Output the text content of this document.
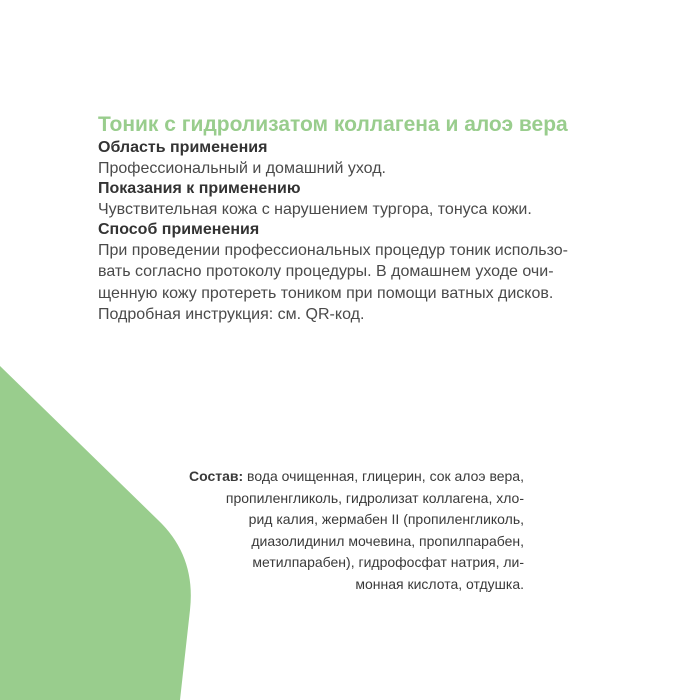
Тоник с гидролизатом коллагена и алоэ вера
Область применения

Профессиональный и домашний уход.

Показания к применению

Чувствительная кожа с нарушением тургора, тонуса кожи.

Способ применения

При проведении профессиональных процедур тоник использо-
вать согласно протоколу процедуры. В домашнем уходе очи-
щенную кожу протереть тоником при помощи ватных дисков.
Подробная инструкция: см. QR-код.

Состав: вода очищенная, глицерин, сок алоэ вера,
пропиленгликоль, гидролизат коллагена, хло-
рид калия, жермабен II (пропиленгликоль,
диазолидинил мочевина, пропилпарабен,
метилпарабен), гидрофосфат натрия, ли-
монная кислота, отдушка.
